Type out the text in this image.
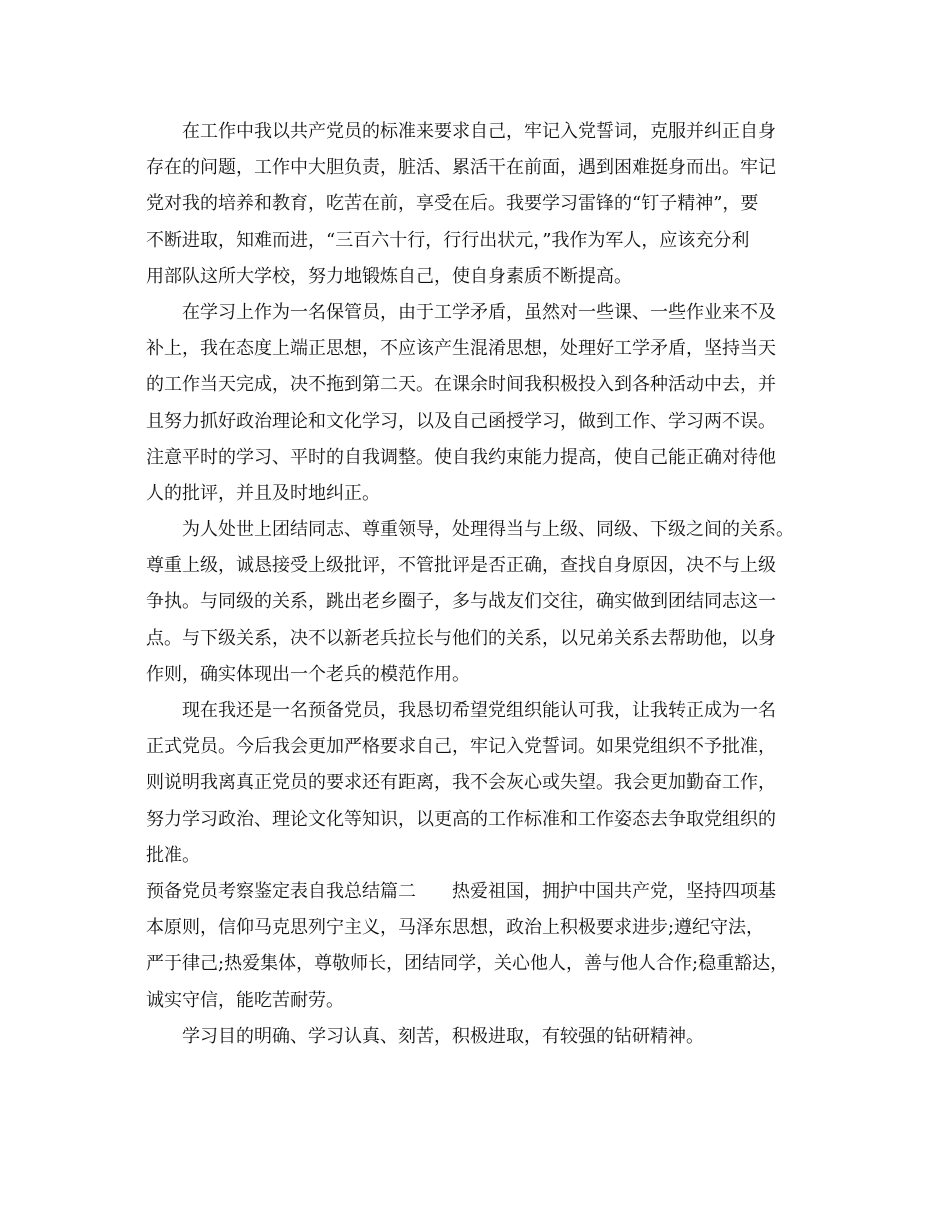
在工作中我以共产党员的标准来要求自己，牢记入党誓词，克服并纠正自身

存在的问题，工作中大胆负责，脏活、累活干在前面，遇到困难挺身而出。牢记

党对我的培养和教育，吃苦在前，享受在后。我要学习雷锋的“钉子精神”，要

不断进取，知难而进，“三百六十行，行行出状元，”我作为军人，应该充分利

用部队这所大学校，努力地锻炼自己，使自身素质不断提高。

在学习上作为一名保管员，由于工学矛盾，虽然对一些课、一些作业来不及

补上，我在态度上端正思想，不应该产生混淆思想，处理好工学矛盾，坚持当天

的工作当天完成，决不拖到第二天。在课余时间我积极投入到各种活动中去，并

且努力抓好政治理论和文化学习，以及自己函授学习，做到工作、学习两不误。

注意平时的学习、平时的自我调整。使自我约束能力提高，使自己能正确对待他

人的批评，并且及时地纠正。

为人处世上团结同志、尊重领导，处理得当与上级、同级、下级之间的关系。

尊重上级，诚恳接受上级批评，不管批评是否正确，查找自身原因，决不与上级

争执。与同级的关系，跳出老乡圈子，多与战友们交往，确实做到团结同志这一

点。与下级关系，决不以新老兵拉长与他们的关系，以兄弟关系去帮助他，以身

作则，确实体现出一个老兵的模范作用。

现在我还是一名预备党员，我恳切希望党组织能认可我，让我转正成为一名

正式党员。今后我会更加严格要求自己，牢记入党誓词。如果党组织不予批准，

则说明我离真正党员的要求还有距离，我不会灰心或失望。我会更加勤奋工作，

努力学习政治、理论文化等知识，以更高的工作标准和工作姿态去争取党组织的

批准。

预备党员考察鉴定表自我总结篇二　　热爱祖国，拥护中国共产党，坚持四项基

本原则，信仰马克思列宁主义，马泽东思想，政治上积极要求进步;遵纪守法，

严于律己;热爱集体，尊敬师长，团结同学，关心他人，善与他人合作;稳重豁达，

诚实守信，能吃苦耐劳。

学习目的明确、学习认真、刻苦，积极进取，有较强的钻研精神。
